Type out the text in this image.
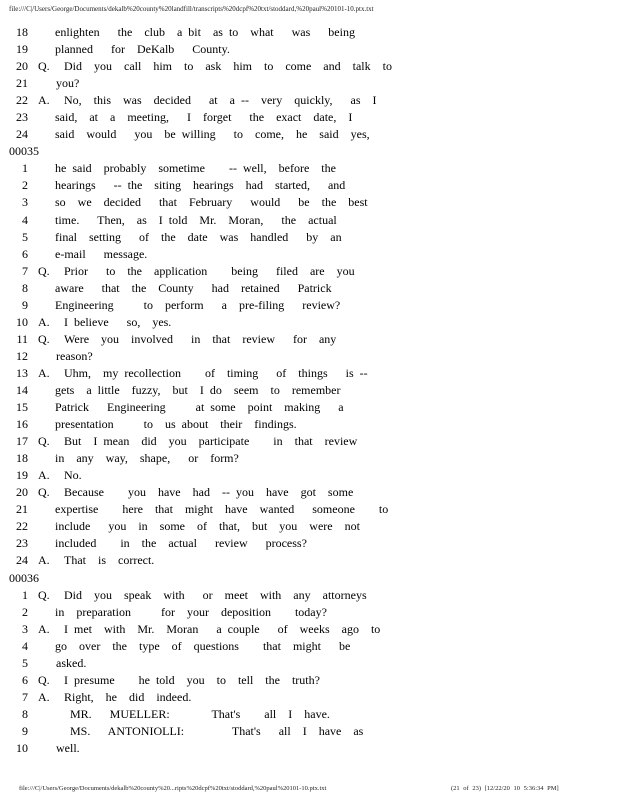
file:///C|/Users/George/Documents/dekalb%20county%20landfill/transcripts%20dcpf%20txt/stoddard,%20paul%20101-10.ptx.txt
18 enlighten   the  club  a bit  as to  what   was   being
19 planned   for  DeKalb   County.
20 Q. Did  you  call  him  to  ask  him  to  come  and  talk  to
21 you?
22 A. No,  this  was  decided   at  a --  very  quickly,   as  I
23 said,  at  a  meeting,   I  forget   the  exact  date,  I
24 said  would   you  be willing   to  come,  he  said  yes,
00035
1 he said  probably  sometime    -- well,  before  the
2 hearings   -- the  siting  hearings  had  started,   and
3 so  we  decided   that  February   would   be  the  best
4 time.   Then,  as  I told  Mr.  Moran,   the  actual
5 final  setting   of  the  date  was  handled   by  an
6 e-mail   message.
7 Q. Prior   to  the  application    being   filed  are  you
8 aware   that  the  County   had  retained   Patrick
9 Engineering     to  perform   a  pre-filing   review?
10 A. I believe   so,  yes.
11 Q. Were  you  involved   in  that  review   for  any
12 reason?
13 A. Uhm,  my recollection    of  timing   of  things   is --
14 gets  a little  fuzzy,  but  I do  seem  to  remember
15 Patrick   Engineering     at some  point  making   a
16 presentation     to  us about  their  findings.
17 Q. But  I mean  did  you  participate    in  that  review
18 in  any  way,  shape,   or  form?
19 A. No.
20 Q. Because    you  have  had  -- you  have  got  some
21 expertise    here  that  might  have  wanted   someone    to
22 include   you  in  some  of  that,  but  you  were  not
23 included    in  the  actual   review   process?
24 A. That  is  correct.
00036
1 Q. Did  you  speak  with   or  meet  with  any  attorneys
2 in  preparation     for  your  deposition    today?
3 A. I met  with  Mr.  Moran   a couple   of  weeks  ago  to
4 go  over  the  type  of  questions    that  might   be
5 asked.
6 Q. I presume    he told  you  to  tell  the  truth?
7 A. Right,  he  did  indeed.
8	MR.   MUELLER:       That's    all  I  have.
9	MS.   ANTONIOLLI:        That's   all  I  have  as
10 well.
file:///C|/Users/George/Documents/dekalb%20county%20...ripts%20dcpf%20txt/stoddard,%20paul%20101-10.ptx.txt	(21 of 23) [12/22/20 10 5:36:34 PM]
